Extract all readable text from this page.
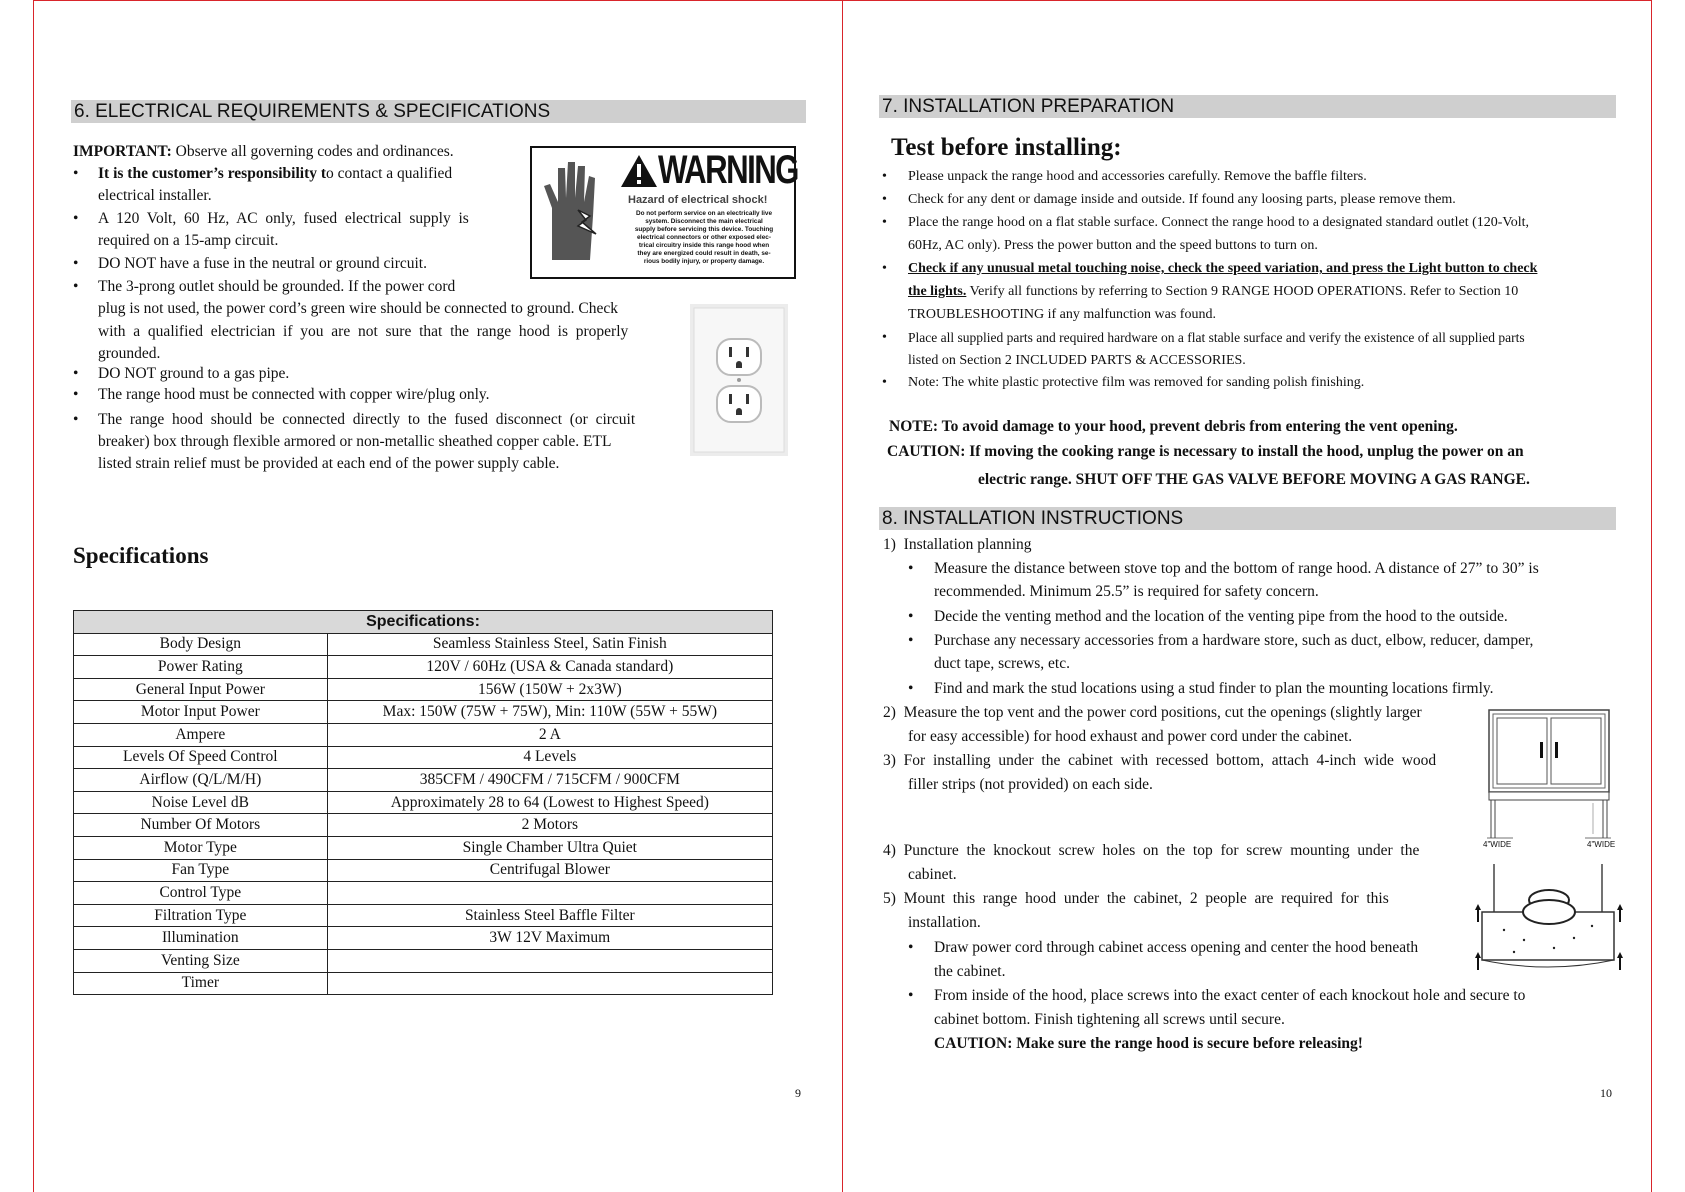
6. ELECTRICAL REQUIREMENTS & SPECIFICATIONS
IMPORTANT: Observe all governing codes and ordinances.
• It is the customer’s responsibility to contact a qualified
electrical installer.
• A  120  Volt,  60  Hz,  AC  only,  fused  electrical  supply  is
required on a 15-amp circuit.
• DO NOT have a fuse in the neutral or ground circuit.
• The 3-prong outlet should be grounded. If the power cord
plug is not used, the power cord’s green wire should be connected to ground. Check
with  a  qualified  electrician  if  you  are  not  sure  that  the  range  hood  is  properly
grounded.
• DO NOT ground to a gas pipe.
• The range hood must be connected with copper wire/plug only.
• The  range  hood  should  be  connected  directly  to  the  fused  disconnect  (or  circuit
breaker) box through flexible armored or non-metallic sheathed copper cable. ETL
listed strain relief must be provided at each end of the power supply cable.
WARNING
Hazard of electrical shock!
Do not perform service on an electrically live
system. Disconnect the main electrical
supply before servicing this device. Touching
electrical connectors or other exposed elec-
trical circuitry inside this range hood when
they are energized could result in death, se-
rious bodily injury, or property damage.
Specifications
Specifications:	
Body Design	Seamless Stainless Steel, Satin Finish
Power Rating	120V / 60Hz (USA & Canada standard)
General Input Power	156W (150W + 2x3W)
Motor Input Power	Max: 150W (75W + 75W), Min: 110W (55W + 55W)
Ampere	2 A
Levels Of Speed Control	4 Levels
Airflow (Q/L/M/H)	385CFM / 490CFM / 715CFM / 900CFM
Noise Level dB	Approximately 28 to 64 (Lowest to Highest Speed)
Number Of Motors	2 Motors
Motor Type	Single Chamber Ultra Quiet
Fan Type	Centrifugal Blower
Control Type	
Filtration Type	Stainless Steel Baffle Filter
Illumination	3W 12V Maximum
Venting Size	
Timer	
9
7. INSTALLATION PREPARATION
Test before installing:
• Please unpack the range hood and accessories carefully. Remove the baffle filters.
• Check for any dent or damage inside and outside. If found any loosing parts, please remove them.
• Place the range hood on a flat stable surface. Connect the range hood to a designated standard outlet (120-Volt,
60Hz, AC only). Press the power button and the speed buttons to turn on.
• Check if any unusual metal touching noise, check the speed variation, and press the Light button to check
the lights. Verify all functions by referring to Section 9 RANGE HOOD OPERATIONS. Refer to Section 10
TROUBLESHOOTING if any malfunction was found.
• Place all supplied parts and required hardware on a flat stable surface and verify the existence of all supplied parts
listed on Section 2 INCLUDED PARTS & ACCESSORIES.
• Note: The white plastic protective film was removed for sanding polish finishing.
NOTE: To avoid damage to your hood, prevent debris from entering the vent opening.
CAUTION: If moving the cooking range is necessary to install the hood, unplug the power on an
electric range. SHUT OFF THE GAS VALVE BEFORE MOVING A GAS RANGE.
8. INSTALLATION INSTRUCTIONS
1)  Installation planning
• Measure the distance between stove top and the bottom of range hood. A distance of 27” to 30” is
recommended. Minimum 25.5” is required for safety concern.
• Decide the venting method and the location of the venting pipe from the hood to the outside.
• Purchase any necessary accessories from a hardware store, such as duct, elbow, reducer, damper,
duct tape, screws, etc.
• Find and mark the stud locations using a stud finder to plan the mounting locations firmly.
2)  Measure the top vent and the power cord positions, cut the openings (slightly larger
for easy accessible) for hood exhaust and power cord under the cabinet.
3)  For  installing  under  the  cabinet  with  recessed  bottom,  attach  4-inch  wide  wood
filler strips (not provided) on each side.
4)  Puncture  the  knockout  screw  holes  on  the  top  for  screw  mounting  under  the
cabinet.
5)  Mount  this  range  hood  under  the  cabinet,  2  people  are  required  for  this
installation.
• Draw power cord through cabinet access opening and center the hood beneath
the cabinet.
• From inside of the hood, place screws into the exact center of each knockout hole and secure to
cabinet bottom. Finish tightening all screws until secure.
CAUTION: Make sure the range hood is secure before releasing!
4"WIDE	4"WIDE
10
